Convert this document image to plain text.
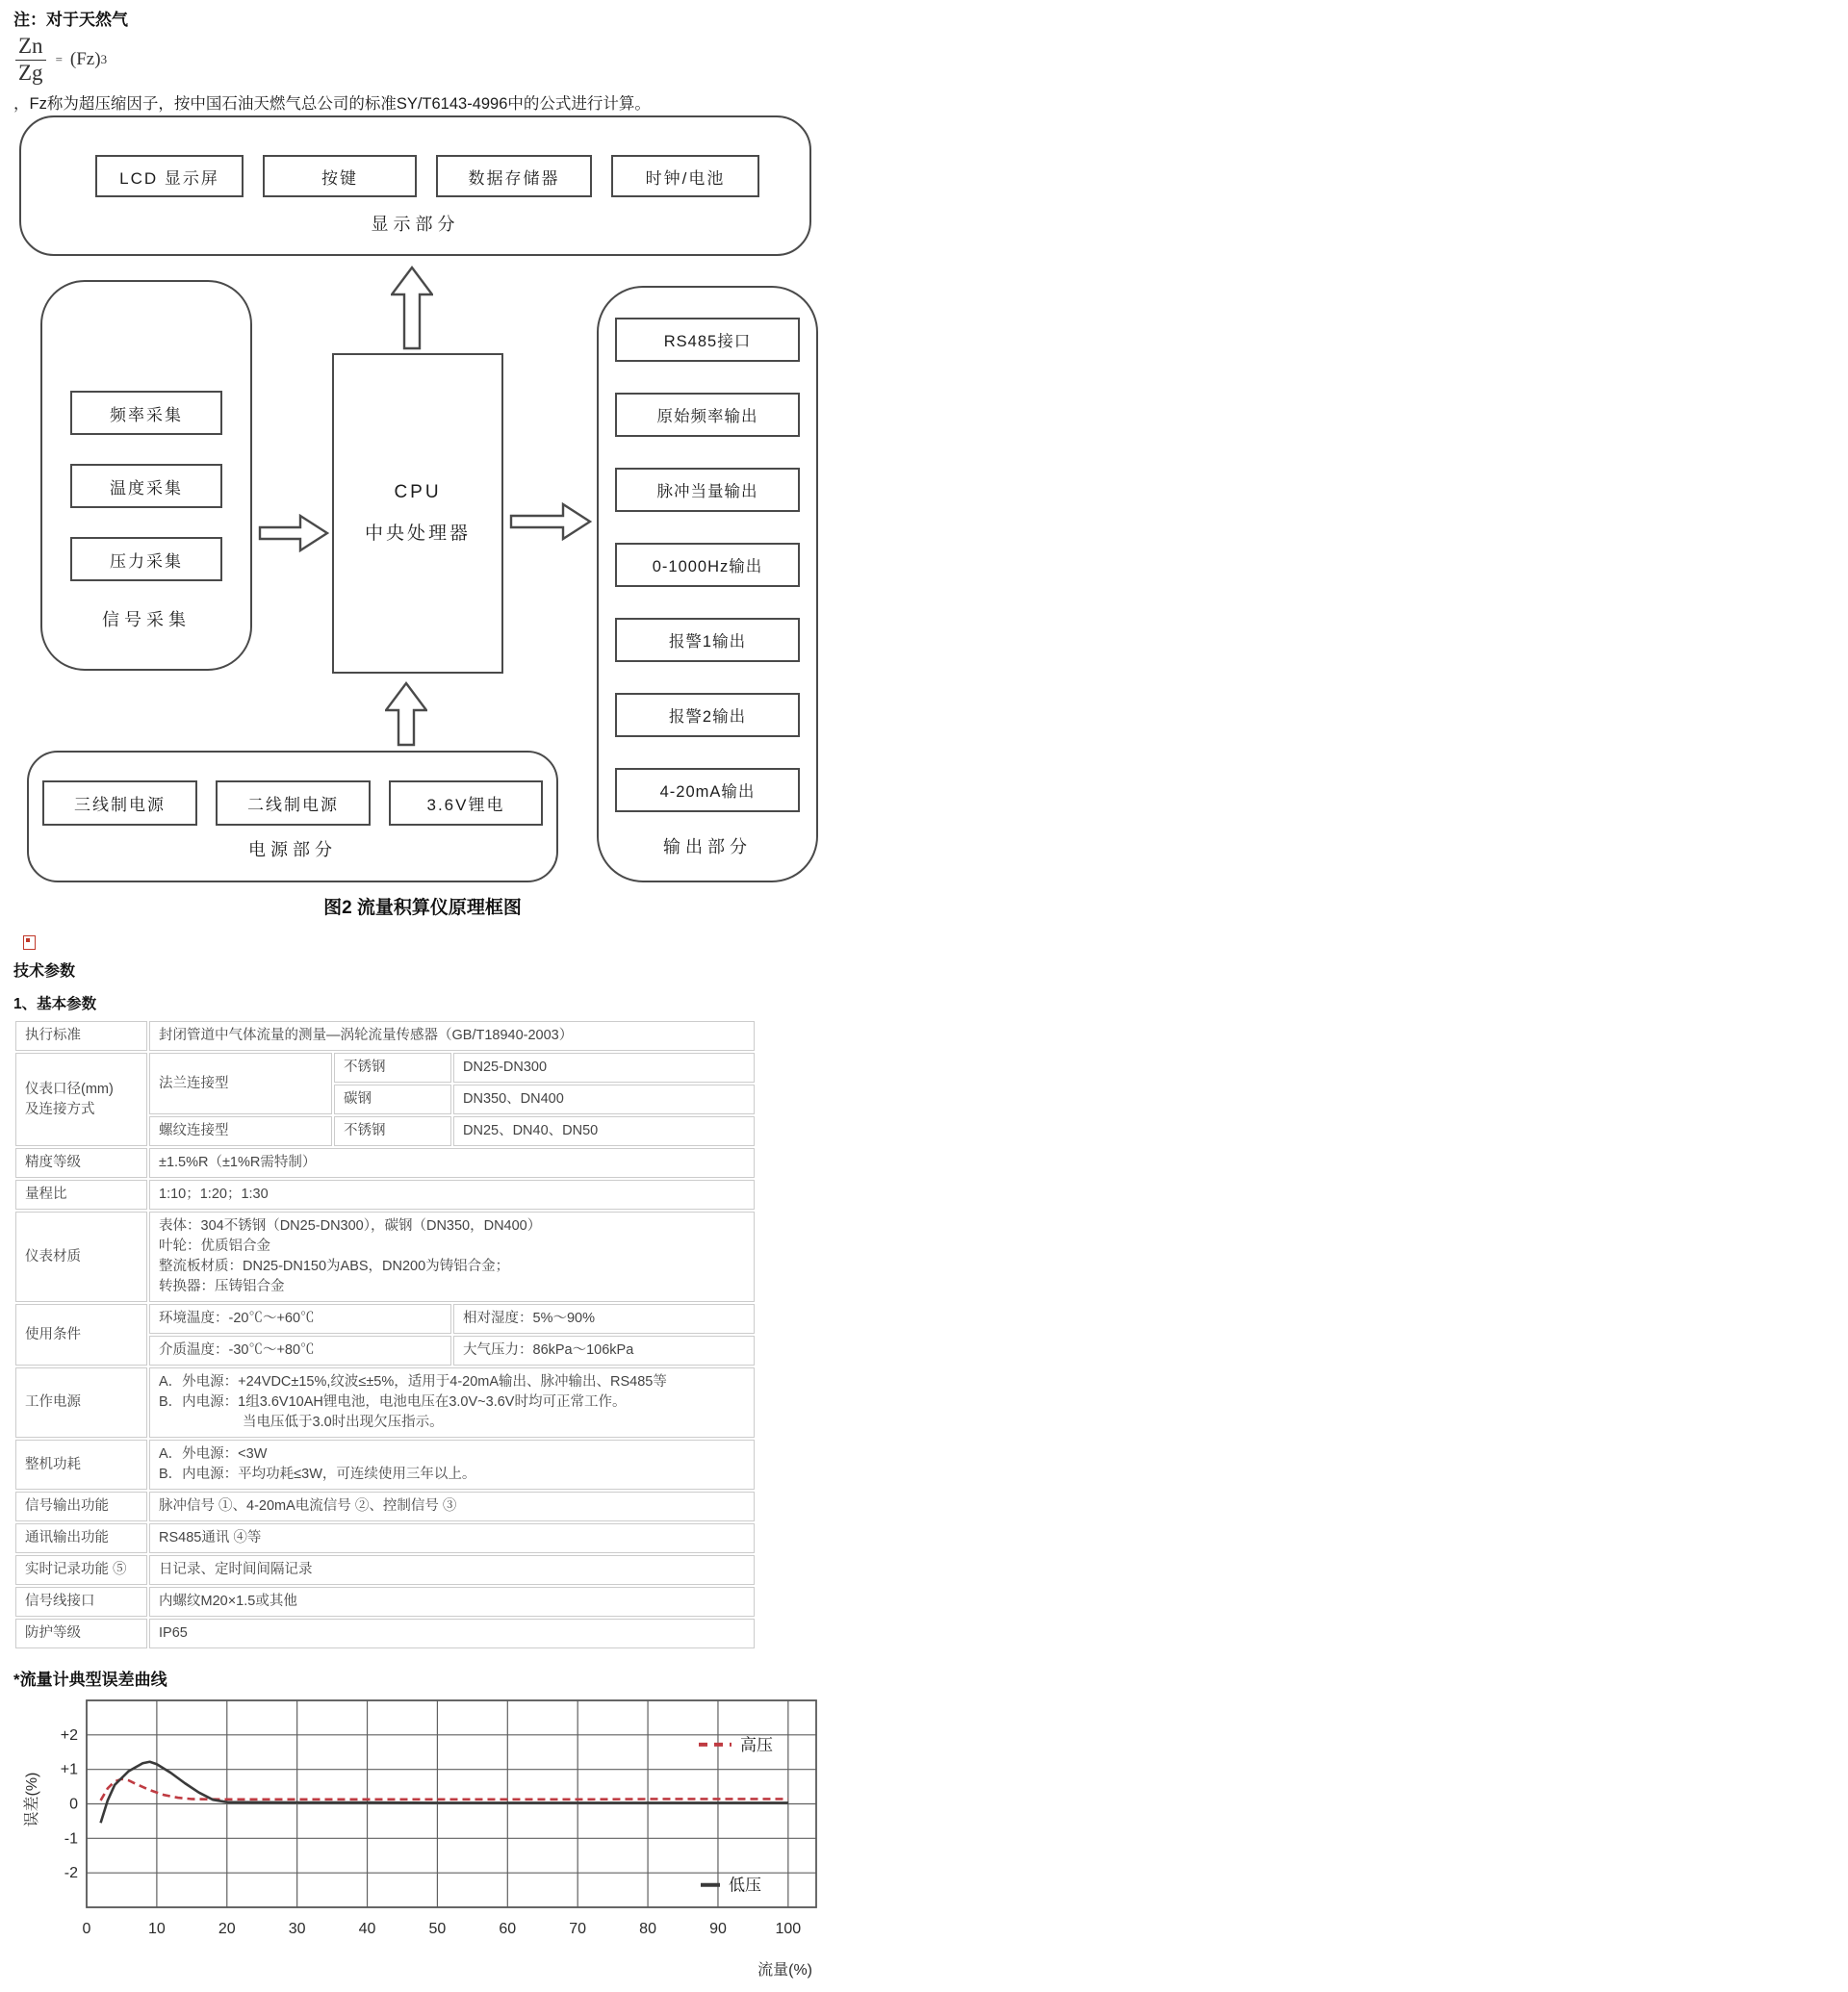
注：对于天然气
$\frac{Zn}{Zg} = (Fz)$ 3
，Fz称为超压缩因子，按中国石油天燃气总公司的标准SY/T6143-4996中的公式进行计算。
LCD 显示屏	按键	数据存储器	时钟/电池
显示部分
频率采集
温度采集
压力采集
信号采集
CPU
中央处理器
RS485接口
原始频率输出
脉冲当量输出
0-1000Hz输出
报警1输出
报警2输出
4-20mA输出
输出部分
三线制电源	二线制电源	3.6V锂电
电源部分
图2 流量积算仪原理框图
技术参数
1、基本参数
执行标准	封闭管道中气体流量的测量—涡轮流量传感器（GB/T18940-2003）		

仪表口径(mm)
及连接方式	法兰连接型	不锈钢	DN25-DN300

		碳钢	DN350、DN400

	螺纹连接型	不锈钢	DN25、DN40、DN50

精度等级	±1.5%R（±1%R需特制）		

量程比	1:10；1:20；1:30		

仪表材质	表体：304不锈钢（DN25-DN300），碳钢（DN350，DN400）
叶轮：优质铝合金
整流板材质：DN25-DN150为ABS，DN200为铸铝合金；
转换器：压铸铝合金		

使用条件	环境温度：-20℃～+60℃		相对湿度：5%～90%

	介质温度：-30℃～+80℃		大气压力：86kPa～106kPa

工作电源	A．外电源：+24VDC±15%,纹波≤±5%，适用于4-20mA输出、脉冲输出、RS485等
B．内电源：1组3.6V10AH锂电池，电池电压在3.0V~3.6V时均可正常工作。
　　　　　　当电压低于3.0时出现欠压指示。		

整机功耗	A．外电源：<3W
B．内电源：平均功耗≤3W，可连续使用三年以上。		

信号输出功能	脉冲信号 ①、4-20mA电流信号 ②、控制信号 ③		

通讯输出功能	RS485通讯 ④等		

实时记录功能 ⑤	日记录、定时间间隔记录		

信号线接口	内螺纹M20×1.5或其他		

防护等级	IP65		
*流量计典型误差曲线
0	10	20	30	40	50	60	70	80	90	100
+2
+1
0
-1
-2
误差(%)
流量(%)
高压
低压
